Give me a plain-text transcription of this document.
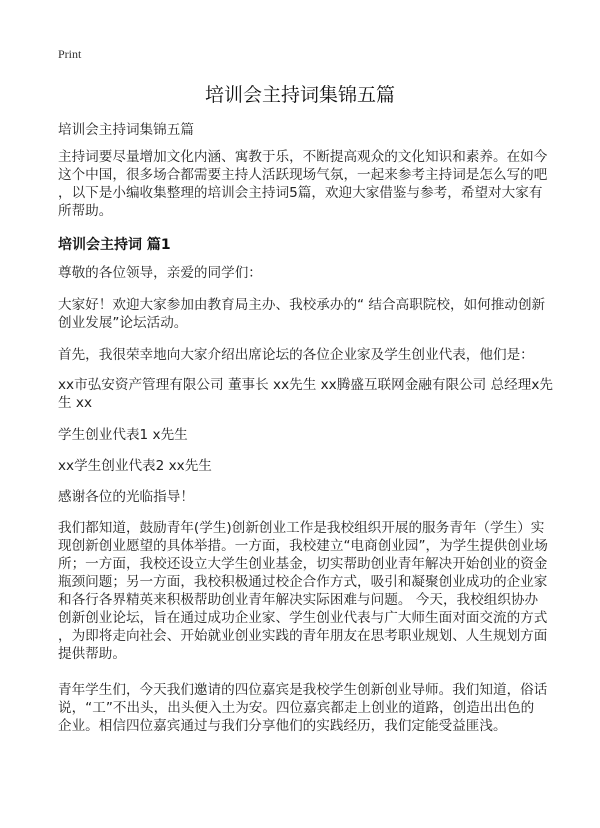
Print
培训会主持词集锦五篇
培训会主持词集锦五篇
主持词要尽量增加文化内涵、寓教于乐，不断提高观众的文化知识和素养。在如今
这个中国，很多场合都需要主持人活跃现场气氛，一起来参考主持词是怎么写的吧
，以下是小编收集整理的培训会主持词5篇，欢迎大家借鉴与参考，希望对大家有
所帮助。
培训会主持词 篇1
尊敬的各位领导，亲爱的同学们：
大家好！欢迎大家参加由教育局主办、我校承办的“ 结合高职院校，如何推动创新
创业发展”论坛活动。
首先，我很荣幸地向大家介绍出席论坛的各位企业家及学生创业代表，他们是：
xx市弘安资产管理有限公司 董事长 xx先生 xx腾盛互联网金融有限公司 总经理x先
生 xx
学生创业代表1 x先生
xx学生创业代表2 xx先生
感谢各位的光临指导！
我们都知道，鼓励青年(学生)创新创业工作是我校组织开展的服务青年（学生）实
现创新创业愿望的具体举措。一方面，我校建立“电商创业园”，为学生提供创业场
所；一方面，我校还设立大学生创业基金，切实帮助创业青年解决开始创业的资金
瓶颈问题；另一方面，我校积极通过校企合作方式，吸引和凝聚创业成功的企业家
和各行各界精英来积极帮助创业青年解决实际困难与问题。 今天，我校组织协办
创新创业论坛，旨在通过成功企业家、学生创业代表与广大师生面对面交流的方式
，为即将走向社会、开始就业创业实践的青年朋友在思考职业规划、人生规划方面
提供帮助。
青年学生们，今天我们邀请的四位嘉宾是我校学生创新创业导师。我们知道，俗话
说，“工”不出头，出头便入土为安。四位嘉宾都走上创业的道路，创造出出色的
企业。相信四位嘉宾通过与我们分享他们的实践经历，我们定能受益匪浅。
